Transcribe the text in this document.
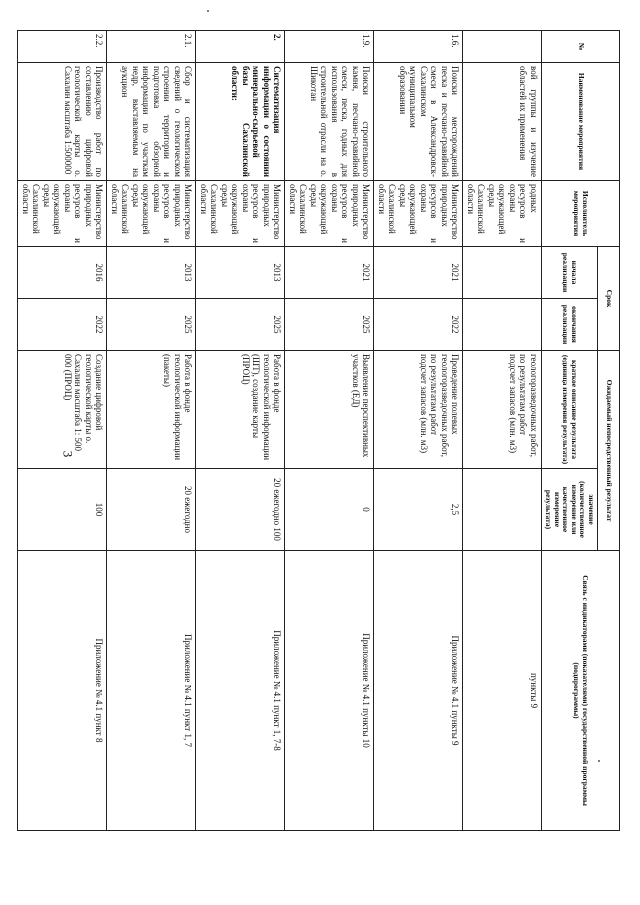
3
№	Наименование мероприятия	Исполнитель мероприятия	Срок		Ожидаемый непосредственный результат		Связь с индикаторами (показателями) государственной программы (подпрограммы)
			начала реализации	окончания реализации	краткое описание результата (единица измерения результата)	значение (количественное измерение или качественное измерение результата)	

	вой группы и изучение областей их применения	родных ресурсов и охраны окружающей среды Сахалинской области			геологоразведочных работ, по результатам работ подсчет запасов (млн. м3)		пункты 9
1.6.	Поиски месторождений песка и песчано-гравийной смеси в Александровск-Сахалинском муниципальном образовании	Министерство природных ресурсов и охраны окружающей среды Сахалинской области	2021	2022	Проведение полевых геологоразведочных работ, по результатам работ подсчет запасов (млн. м3)	2,5	Приложение № 4.1 пункты 9
1.9.	Поиски строительного камня, песчано-гравийной смеси, песка, годных для использования в строительной отрасли на о. Шикотан	Министерство природных ресурсов и охраны окружающей среды Сахалинской области	2021	2025	Выявление перспективных участков (ЕД)	0	Приложение № 4.1 пункты 10
2.	Систематизация информации о состоянии минерально-сырьевой базы Сахалинской области:	Министерство природных ресурсов и охраны окружающей среды Сахалинской области	2013	2025	Работа в фонде геологической информации (ШТ), создание карты (ПРОЦ)	20 ежегодно 100	Приложение № 4.1 пункт 1, 7-8
2.1.	Сбор и систематизация сведений о геологическом строении территории и подготовка обзорной информации по участкам недр, выставляемым на аукцион	Министерство природных ресурсов и охраны окружающей среды Сахалинской области	2013	2025	Работа в фонде геологической информации (пакеты)	20 ежегодно	Приложение № 4.1 пункт 1, 7
2.2.	Производство работ по составлению цифровой геологической карты о. Сахалин масштаба 1:500000	Министерство природных ресурсов и охраны окружающей среды Сахалинской области	2016	2022	Создание цифровой геологической карты о. Сахалин масштаба 1: 500 000 (ПРОЦ)	100	Приложение № 4.1 пункт 8
